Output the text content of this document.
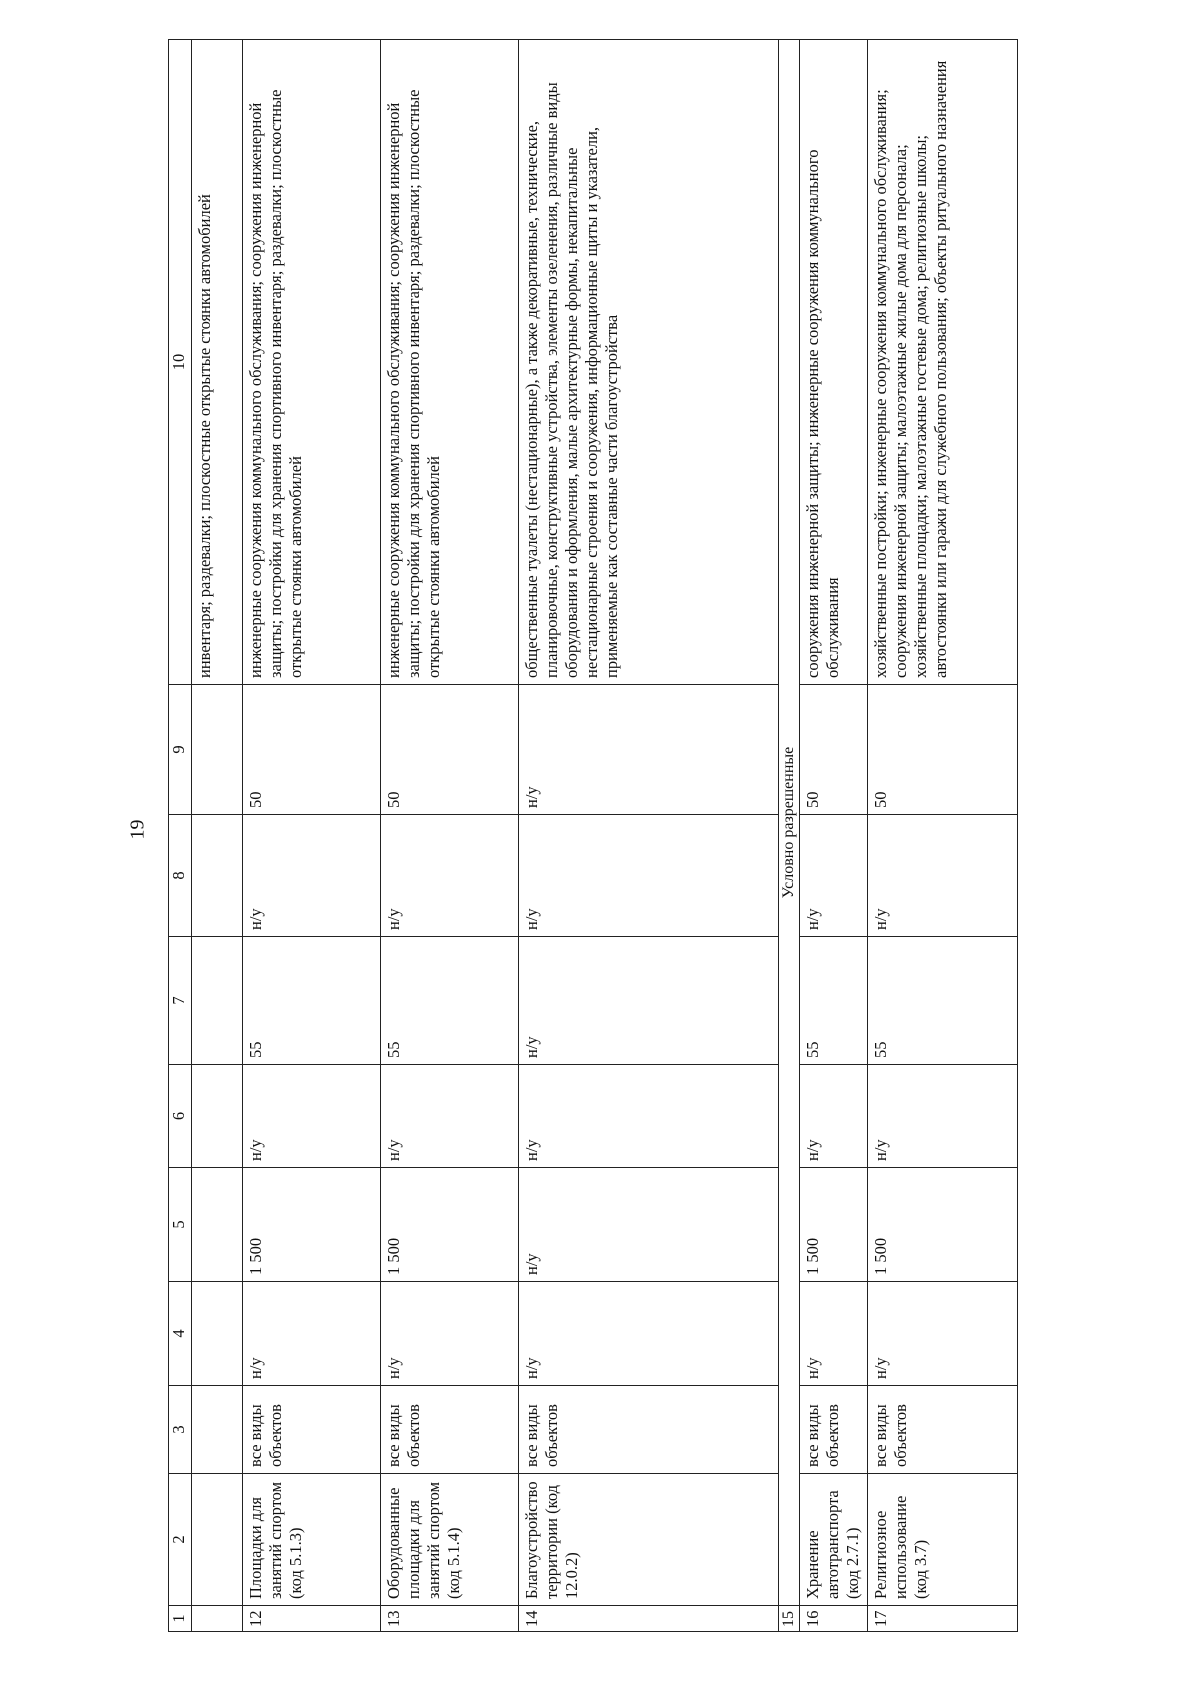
19
1	2	3	4	5	6	7	8	9	10
									инвентаря; раздевалки; плоскостные открытые стоянки автомобилей
12	Площадки для занятий спортом (код 5.1.3)	все виды объектов	н/у	1 500	н/у	55	н/у	50	инженерные сооружения коммунального обслуживания; сооружения инженерной защиты; постройки для хранения спортивного инвентаря; раздевалки; плоскостные открытые стоянки автомобилей
13	Оборудованные площадки для занятий спортом (код 5.1.4)	все виды объектов	н/у	1 500	н/у	55	н/у	50	инженерные сооружения коммунального обслуживания; сооружения инженерной защиты; постройки для хранения спортивного инвентаря; раздевалки; плоскостные открытые стоянки автомобилей
14	Благоустройство территории (код 12.0.2)	все виды объектов	н/у	н/у	н/у	н/у	н/у	н/у	общественные туалеты (нестационарные), а также декоративные, технические, планировочные, конструктивные устройства, элементы озеленения, различные виды оборудования и оформления, малые архитектурные формы, некапитальные нестационарные строения и сооружения, информационные щиты и указатели, применяемые как составные части благоустройства
15	Условно разрешенные								
16	Хранение автотранспорта (код 2.7.1)	все виды объектов	н/у	1 500	н/у	55	н/у	50	сооружения инженерной защиты; инженерные сооружения коммунального обслуживания
17	Религиозное использование (код 3.7)	все виды объектов	н/у	1 500	н/у	55	н/у	50	хозяйственные постройки; инженерные сооружения коммунального обслуживания; сооружения инженерной защиты; малоэтажные жилые дома для персонала; хозяйственные площадки; малоэтажные гостевые дома; религиозные школы; автостоянки или гаражи для служебного пользования; объекты ритуального назначения
